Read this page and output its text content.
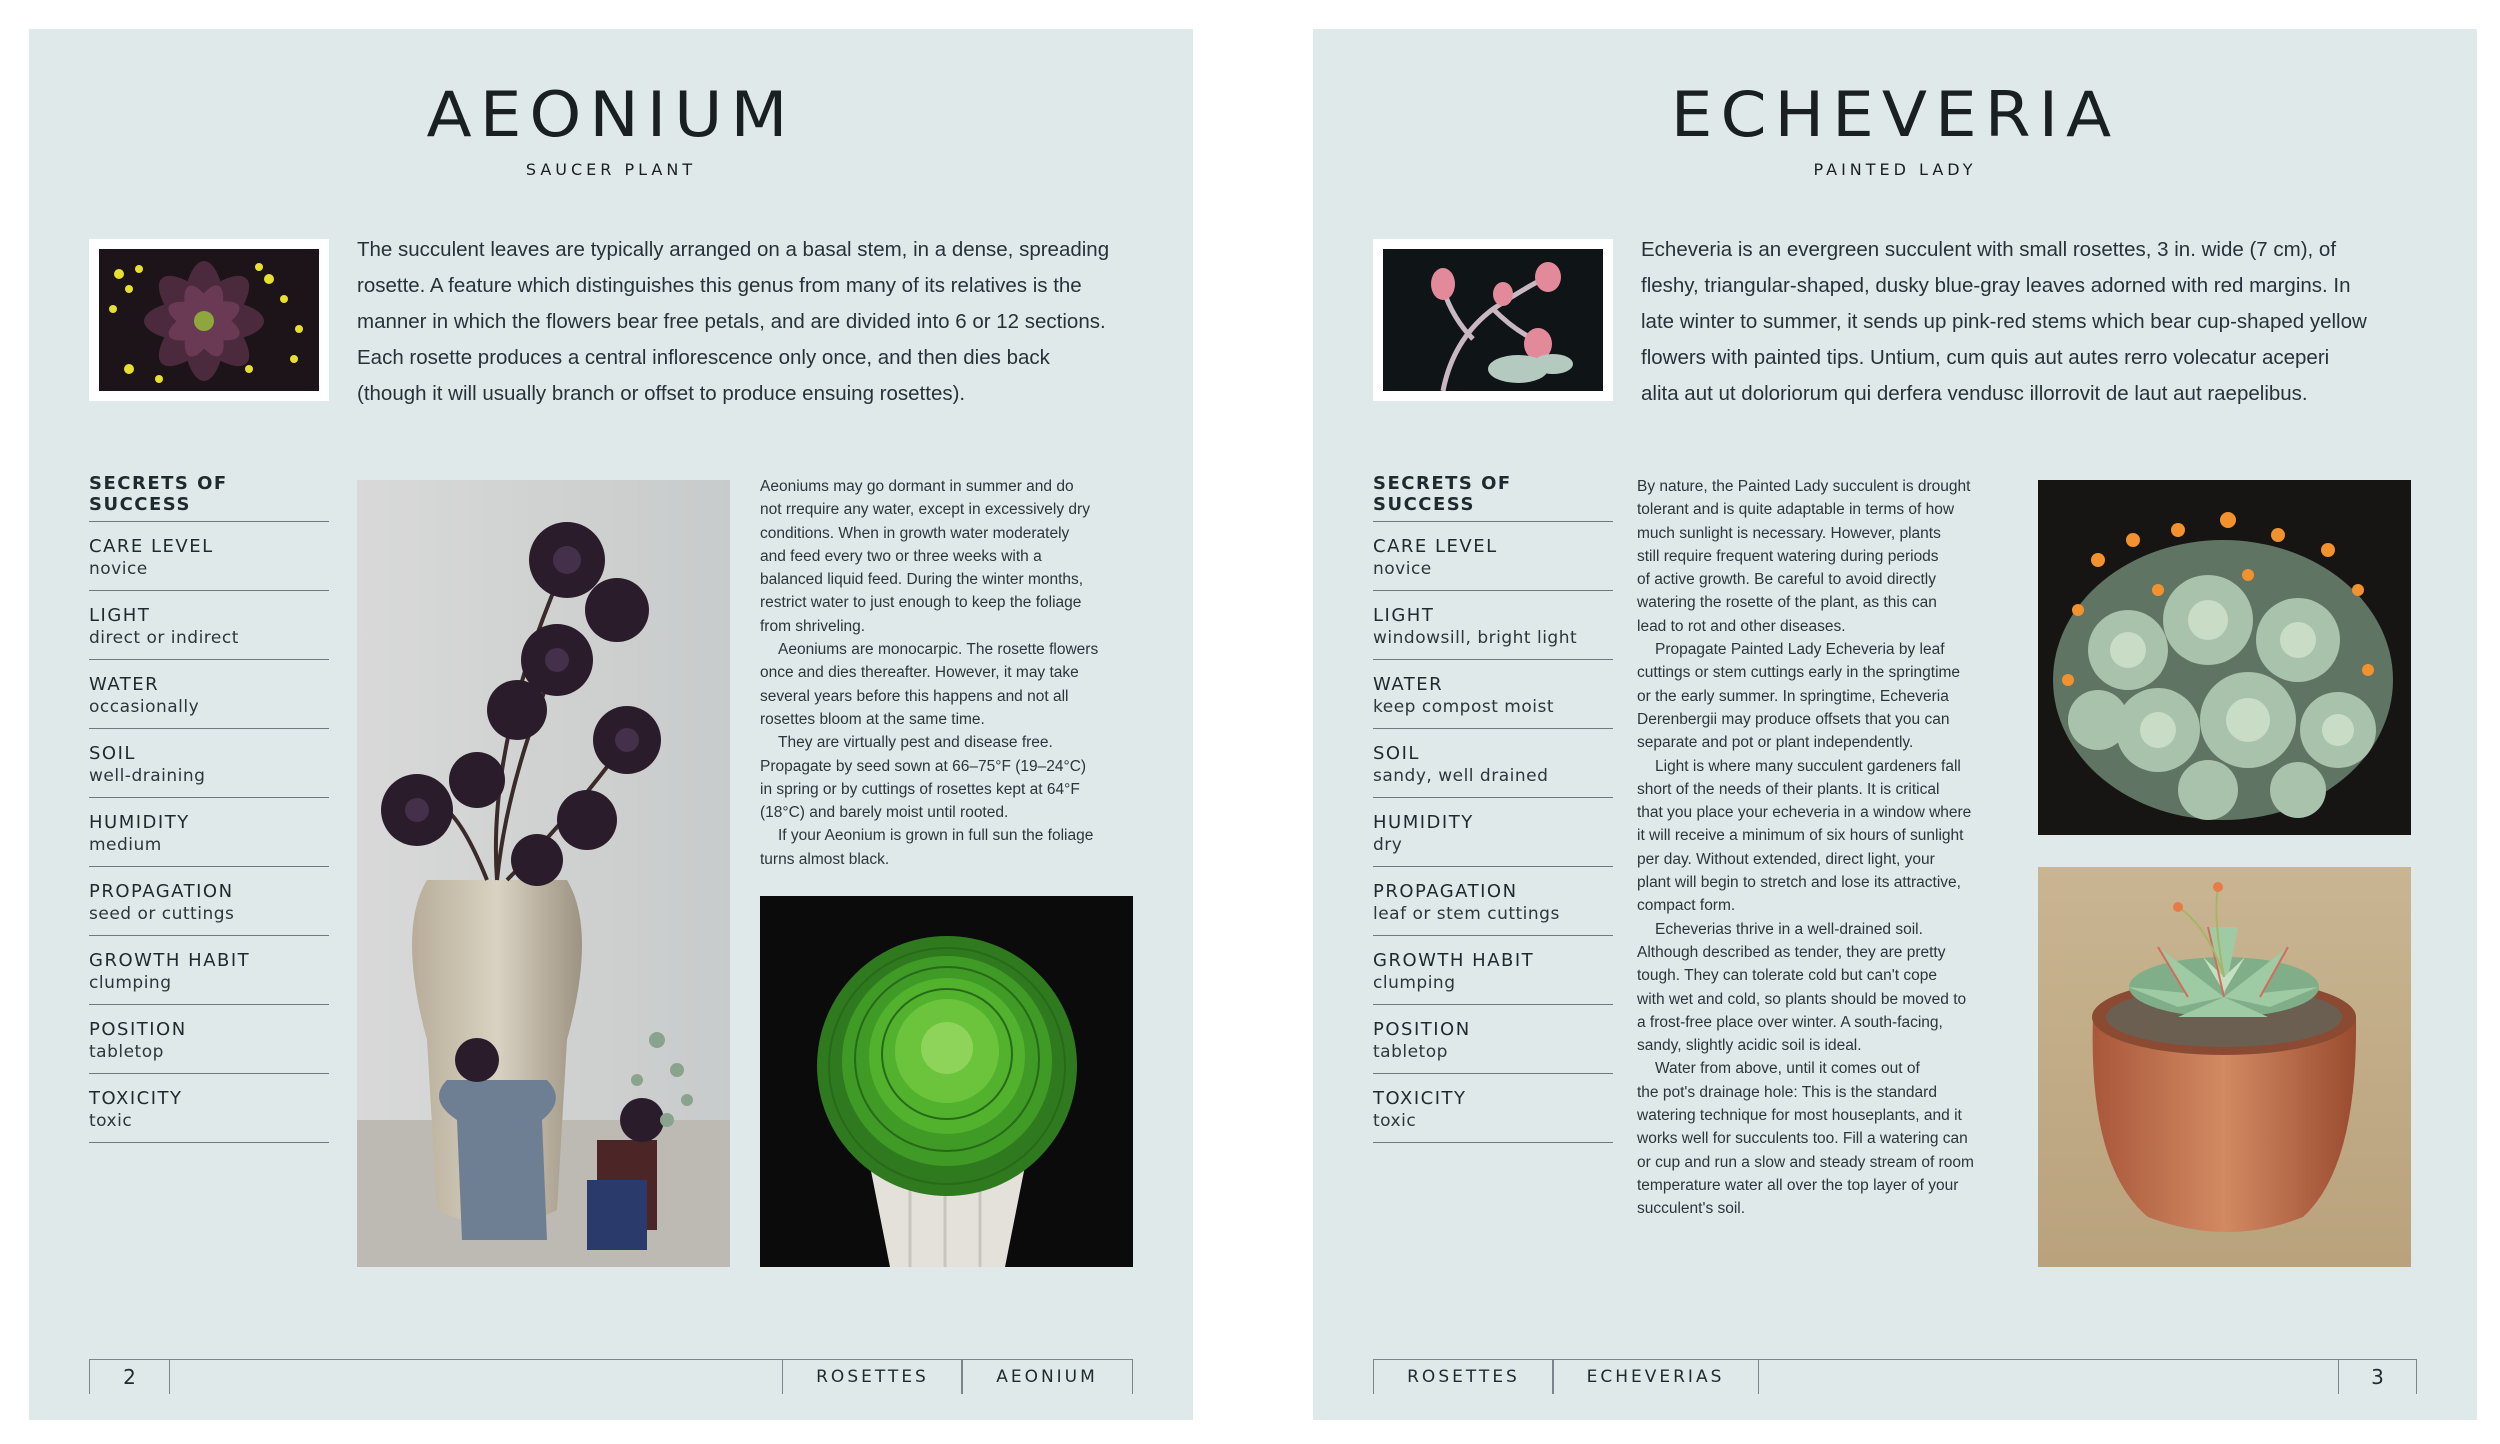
AEONIUM
SAUCER PLANT
The succulent leaves are typically arranged on a basal stem, in a dense, spreading
rosette. A feature which distinguishes this genus from many of its relatives is the
manner in which the flowers bear free petals, and are divided into 6 or 12 sections.
Each rosette produces a central inflorescence only once, and then dies back
(though it will usually branch or offset to produce ensuing rosettes).
SECRETS OF SUCCESS
CARE LEVEL
novice
LIGHT
direct or indirect
WATER
occasionally
SOIL
well-draining
HUMIDITY
medium
PROPAGATION
seed or cuttings
GROWTH HABIT
clumping
POSITION
tabletop
TOXICITY
toxic
Aeoniums may go dormant in summer and do
not rrequire any water, except in excessively dry
conditions. When in growth water moderately
and feed every two or three weeks with a
balanced liquid feed. During the winter months,
restrict water to just enough to keep the foliage
from shriveling.
Aeoniums are monocarpic. The rosette flowers
once and dies thereafter. However, it may take
several years before this happens and not all
rosettes bloom at the same time.
They are virtually pest and disease free.
Propagate by seed sown at 66–75°F (19–24°C)
in spring or by cuttings of rosettes kept at 64°F
(18°C) and barely moist until rooted.
If your Aeonium is grown in full sun the foliage
turns almost black.
2	ROSETTES	AEONIUM
ECHEVERIA
PAINTED LADY
Echeveria is an evergreen succulent with small rosettes, 3 in. wide (7 cm), of
fleshy, triangular-shaped, dusky blue-gray leaves adorned with red margins. In
late winter to summer, it sends up pink-red stems which bear cup-shaped yellow
flowers with painted tips. Untium, cum quis aut autes rerro volecatur aceperi
alita aut ut doloriorum qui derfera vendusc illorrovit de laut aut raepelibus.
SECRETS OF SUCCESS
CARE LEVEL
novice
LIGHT
windowsill, bright light
WATER
keep compost moist
SOIL
sandy, well drained
HUMIDITY
dry
PROPAGATION
leaf or stem cuttings
GROWTH HABIT
clumping
POSITION
tabletop
TOXICITY
toxic
By nature, the Painted Lady succulent is drought
tolerant and is quite adaptable in terms of how
much sunlight is necessary. However, plants
still require frequent watering during periods
of active growth. Be careful to avoid directly
watering the rosette of the plant, as this can
lead to rot and other diseases.
Propagate Painted Lady Echeveria by leaf
cuttings or stem cuttings early in the springtime
or the early summer. In springtime, Echeveria
Derenbergii may produce offsets that you can
separate and pot or plant independently.
Light is where many succulent gardeners fall
short of the needs of their plants. It is critical
that you place your echeveria in a window where
it will receive a minimum of six hours of sunlight
per day. Without extended, direct light, your
plant will begin to stretch and lose its attractive,
compact form.
Echeverias thrive in a well-drained soil.
Although described as tender, they are pretty
tough. They can tolerate cold but can't cope
with wet and cold, so plants should be moved to
a frost-free place over winter. A south-facing,
sandy, slightly acidic soil is ideal.
Water from above, until it comes out of
the pot's drainage hole: This is the standard
watering technique for most houseplants, and it
works well for succulents too. Fill a watering can
or cup and run a slow and steady stream of room
temperature water all over the top layer of your
succulent's soil.
ROSETTES	ECHEVERIAS	3
